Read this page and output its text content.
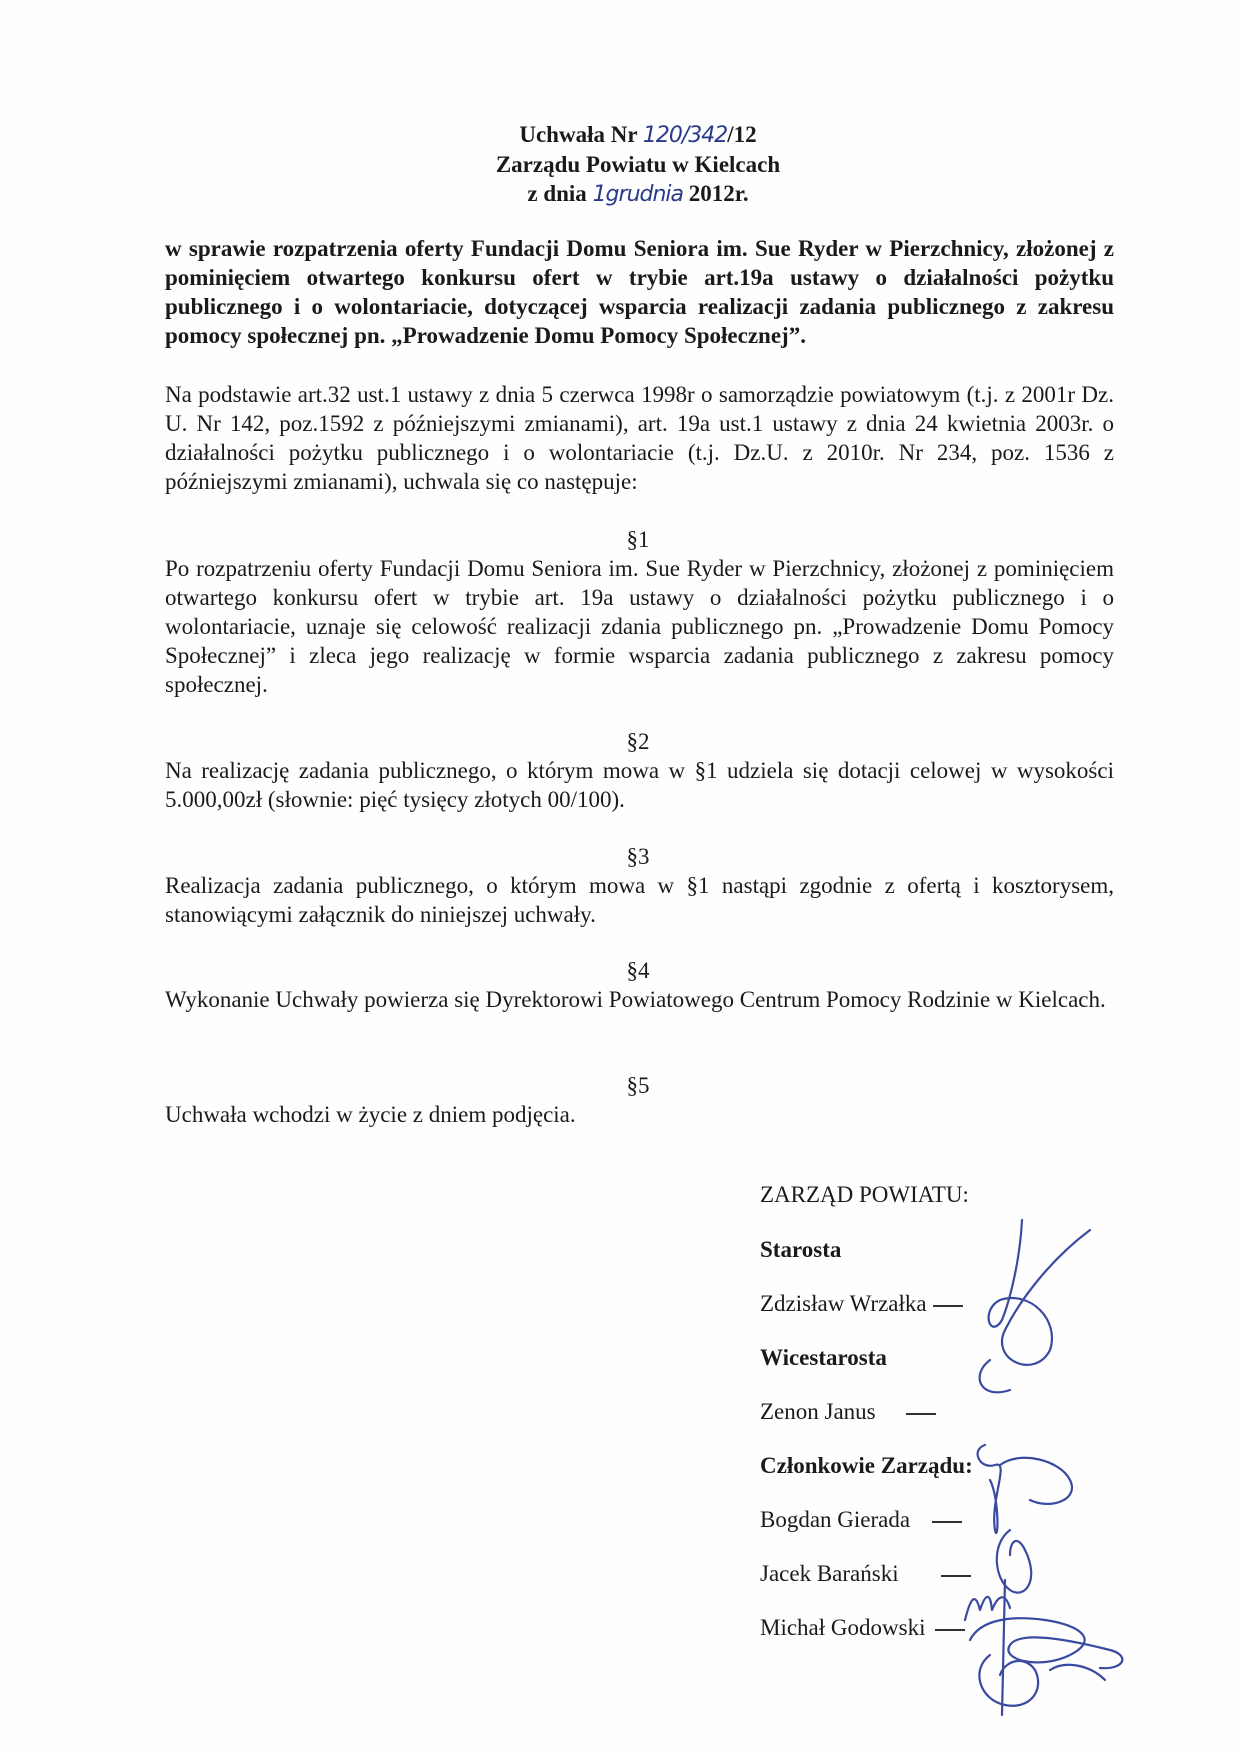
Uchwała Nr 120/342/12
Zarządu Powiatu w Kielcach
z dnia 1grudnia 2012r.
w sprawie rozpatrzenia oferty Fundacji Domu Seniora im. Sue Ryder w Pierzchnicy, złożonej z pominięciem otwartego konkursu ofert w trybie art.19a ustawy o działalności pożytku publicznego i o wolontariacie, dotyczącej wsparcia realizacji zadania publicznego z zakresu pomocy społecznej pn. „Prowadzenie Domu Pomocy Społecznej”.
Na podstawie art.32 ust.1 ustawy z dnia 5 czerwca 1998r o samorządzie powiatowym (t.j. z 2001r Dz. U. Nr 142, poz.1592 z późniejszymi zmianami), art. 19a ust.1 ustawy z dnia 24 kwietnia 2003r. o działalności pożytku publicznego i o wolontariacie (t.j. Dz.U. z 2010r. Nr 234, poz. 1536 z późniejszymi zmianami), uchwala się co następuje:
§1
Po rozpatrzeniu oferty Fundacji Domu Seniora im. Sue Ryder w Pierzchnicy, złożonej z pominięciem otwartego konkursu ofert w trybie art. 19a ustawy o działalności pożytku publicznego i o wolontariacie, uznaje się celowość realizacji zdania publicznego pn. „Prowadzenie Domu Pomocy Społecznej” i zleca jego realizację w formie wsparcia zadania publicznego z zakresu pomocy społecznej.
§2
Na realizację zadania publicznego, o którym mowa w §1 udziela się dotacji celowej w wysokości 5.000,00zł (słownie: pięć tysięcy złotych 00/100).
§3
Realizacja zadania publicznego, o którym mowa w §1 nastąpi zgodnie z ofertą i kosztorysem, stanowiącymi załącznik do niniejszej uchwały.
§4
Wykonanie Uchwały powierza się Dyrektorowi Powiatowego Centrum Pomocy Rodzinie w Kielcach.
§5
Uchwała wchodzi w życie z dniem podjęcia.
ZARZĄD POWIATU:
Starosta
Zdzisław Wrzałka
Wicestarosta
Zenon Janus
Członkowie Zarządu:
Bogdan Gierada
Jacek Barański
Michał Godowski
